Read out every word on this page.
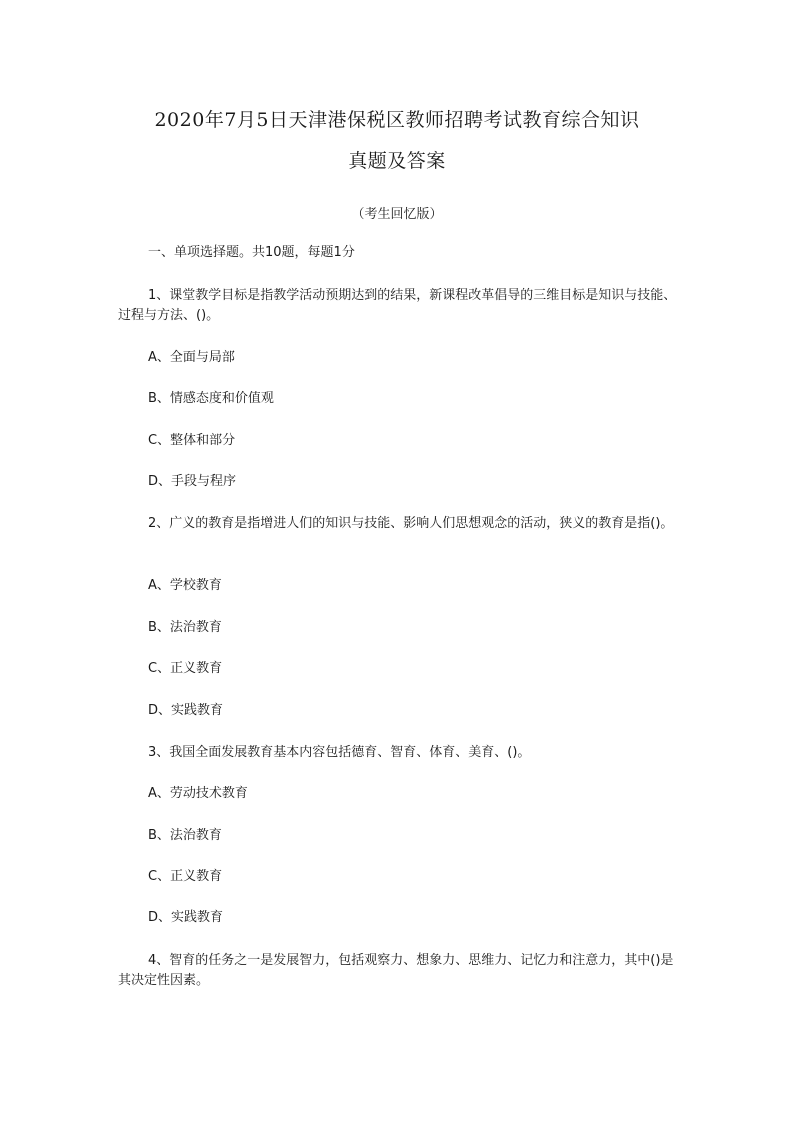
2020年7月5日天津港保税区教师招聘考试教育综合知识
真题及答案
（考生回忆版）
一、单项选择题。共10题，每题1分
1、课堂教学目标是指教学活动预期达到的结果，新课程改革倡导的三维目标是知识与技能、过程与方法、()。
A、全面与局部
B、情感态度和价值观
C、整体和部分
D、手段与程序
2、广义的教育是指增进人们的知识与技能、影响人们思想观念的活动，狭义的教育是指()。
A、学校教育
B、法治教育
C、正义教育
D、实践教育
3、我国全面发展教育基本内容包括德育、智育、体育、美育、()。
A、劳动技术教育
B、法治教育
C、正义教育
D、实践教育
4、智育的任务之一是发展智力，包括观察力、想象力、思维力、记忆力和注意力，其中()是其决定性因素。
